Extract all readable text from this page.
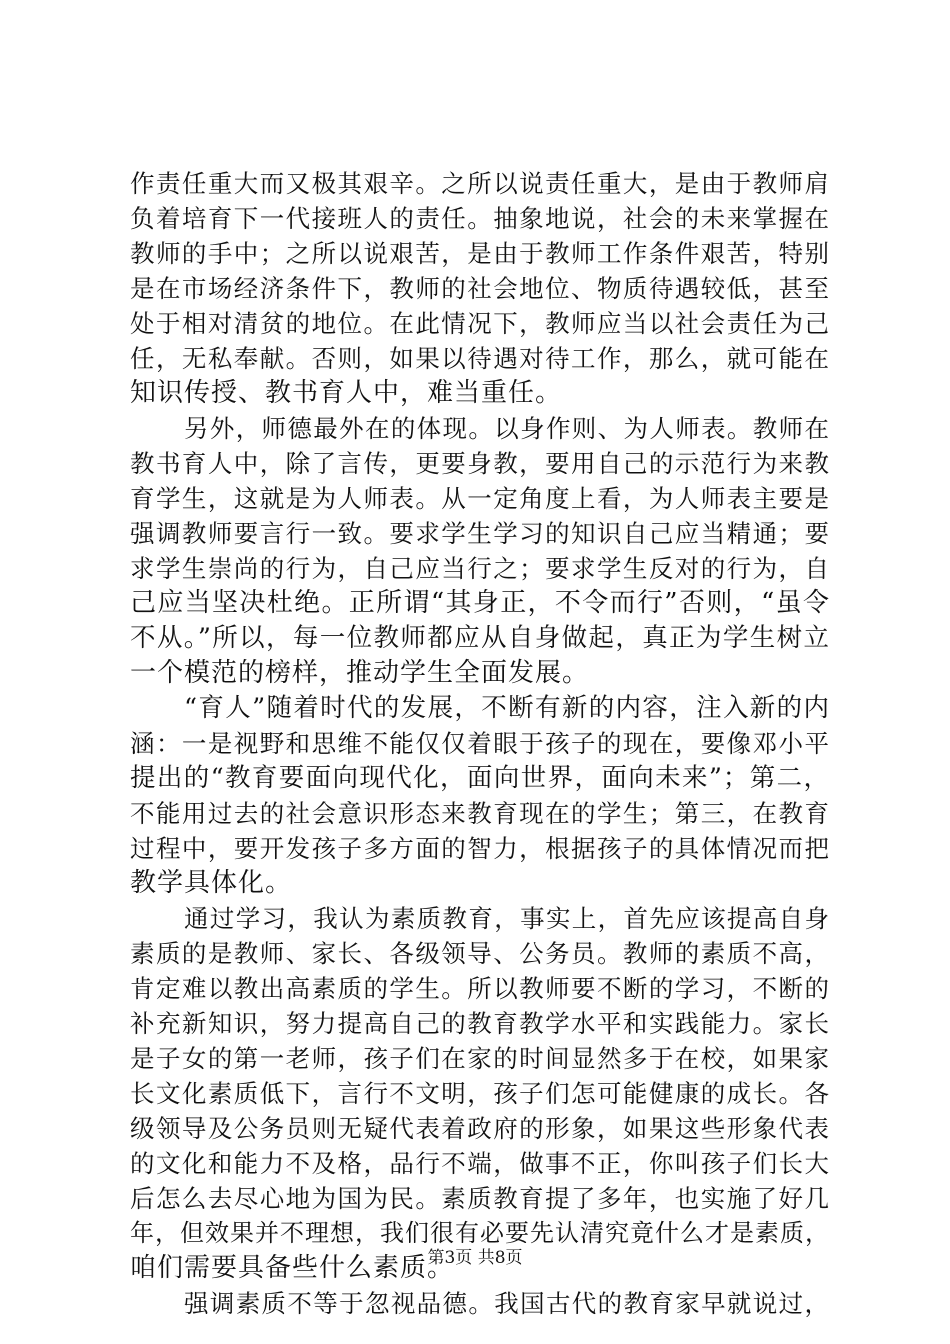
作责任重大而又极其艰辛。之所以说责任重大，是由于教师肩
负着培育下一代接班人的责任。抽象地说，社会的未来掌握在
教师的手中；之所以说艰苦，是由于教师工作条件艰苦，特别
是在市场经济条件下，教师的社会地位、物质待遇较低，甚至
处于相对清贫的地位。在此情况下，教师应当以社会责任为己
任，无私奉献。否则，如果以待遇对待工作，那么，就可能在
知识传授、教书育人中，难当重任。
另外，师德最外在的体现。以身作则、为人师表。教师在
教书育人中，除了言传，更要身教，要用自己的示范行为来教
育学生，这就是为人师表。从一定角度上看，为人师表主要是
强调教师要言行一致。要求学生学习的知识自己应当精通；要
求学生崇尚的行为，自己应当行之；要求学生反对的行为，自
己应当坚决杜绝。正所谓“其身正，不令而行”否则，“虽令
不从。”所以，每一位教师都应从自身做起，真正为学生树立
一个模范的榜样，推动学生全面发展。
“育人”随着时代的发展，不断有新的内容，注入新的内
涵：一是视野和思维不能仅仅着眼于孩子的现在，要像邓小平
提出的“教育要面向现代化，面向世界，面向未来”；第二，
不能用过去的社会意识形态来教育现在的学生；第三，在教育
过程中，要开发孩子多方面的智力，根据孩子的具体情况而把
教学具体化。
通过学习，我认为素质教育，事实上，首先应该提高自身
素质的是教师、家长、各级领导、公务员。教师的素质不高，
肯定难以教出高素质的学生。所以教师要不断的学习，不断的
补充新知识，努力提高自己的教育教学水平和实践能力。家长
是子女的第一老师，孩子们在家的时间显然多于在校，如果家
长文化素质低下，言行不文明，孩子们怎可能健康的成长。各
级领导及公务员则无疑代表着政府的形象，如果这些形象代表
的文化和能力不及格，品行不端，做事不正，你叫孩子们长大
后怎么去尽心地为国为民。素质教育提了多年，也实施了好几
年，但效果并不理想，我们很有必要先认清究竟什么才是素质，
咱们需要具备些什么素质。
强调素质不等于忽视品德。我国古代的教育家早就说过，
第3页 共8页
